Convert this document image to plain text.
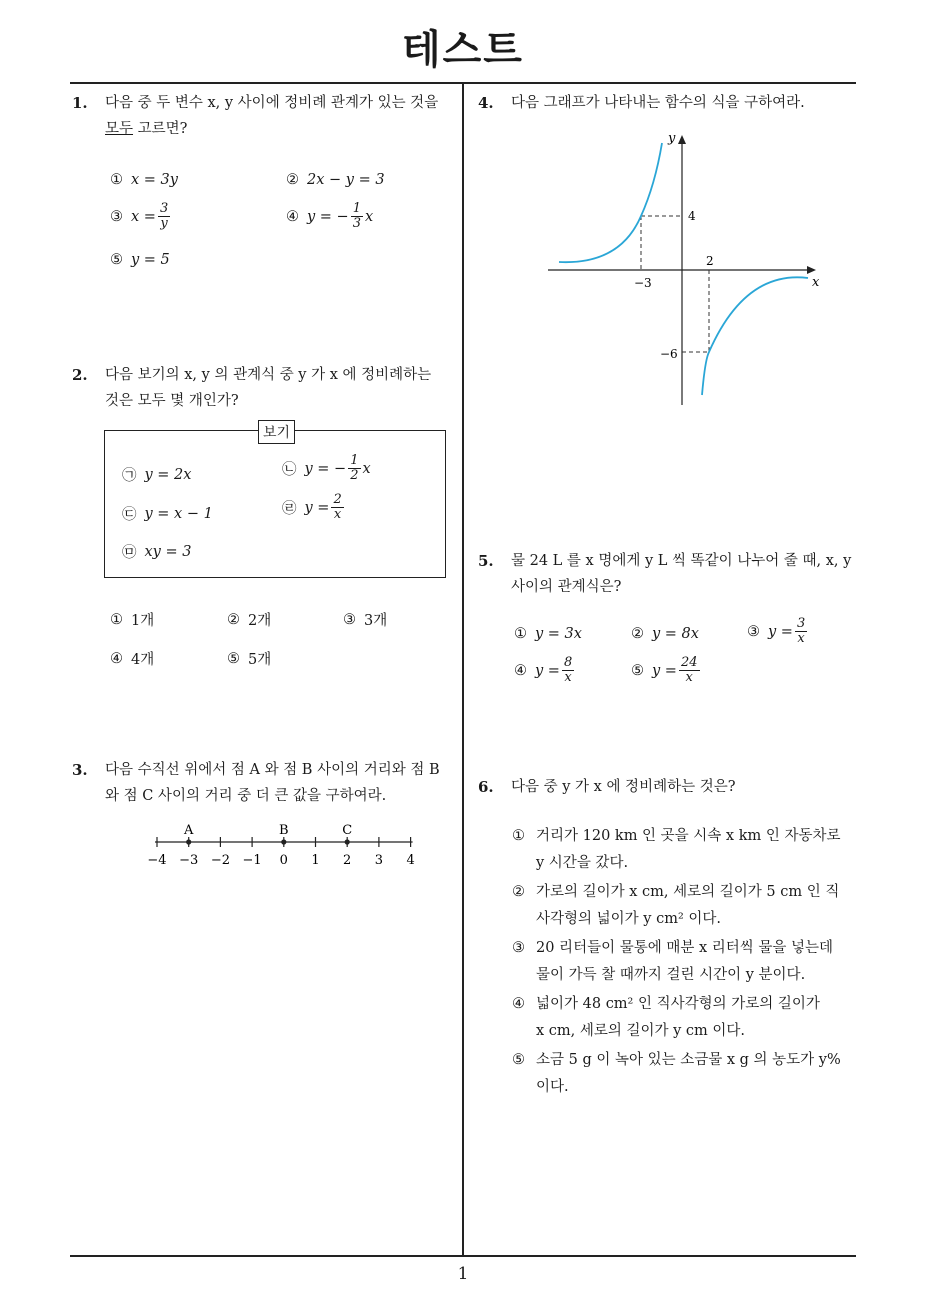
테스트
1
1. 다음 중 두 변수 x, y 사이에 정비례 관계가 있는 것을
모두 고르면?
① x = 3y	② 2x − y = 3
③ $x = \frac{3}{y}$	④ y = − $\frac{1}{3}$ x
⑤ y = 5
2. 다음 보기의 x, y 의 관계식 중 y 가 x 에 정비례하는
것은 모두 몇 개인가?
보기
㉠ y = 2x	㉡ y = − $\frac{1}{2}$ x
㉢ y = x − 1	㉣ $y = \frac{2}{x}$
㉤ xy = 3
① 1개	② 2개	③ 3개
④ 4개	⑤ 5개
3. 다음 수직선 위에서 점 A 와 점 B 사이의 거리와 점 B
와 점 C 사이의 거리 중 더 큰 값을 구하여라.
−4 −3 −2 −1 0 1 2 3 4
A	B	C
4. 다음 그래프가 나타내는 함수의 식을 구하여라.
y
x
−3
4
2
−6
5. 물 24 L 를 x 명에게 y L 씩 똑같이 나누어 줄 때, x, y
사이의 관계식은?
① y = 3x	② y = 8x	③ $y = \frac{3}{x}$
④ $y = \frac{8}{x}$	⑤ $y = \frac{24}{x}$
6. 다음 중 y 가 x 에 정비례하는 것은?
① 거리가 120 km 인 곳을 시속 x km 인 자동차로
y 시간을 갔다.
② 가로의 길이가 x cm, 세로의 길이가 5 cm 인 직
사각형의 넓이가 y cm² 이다.
③ 20 리터들이 물통에 매분 x 리터씩 물을 넣는데
물이 가득 찰 때까지 걸린 시간이 y 분이다.
④ 넓이가 48 cm² 인 직사각형의 가로의 길이가
x cm, 세로의 길이가 y cm 이다.
⑤ 소금 5 g 이 녹아 있는 소금물 x g 의 농도가 y%
이다.
